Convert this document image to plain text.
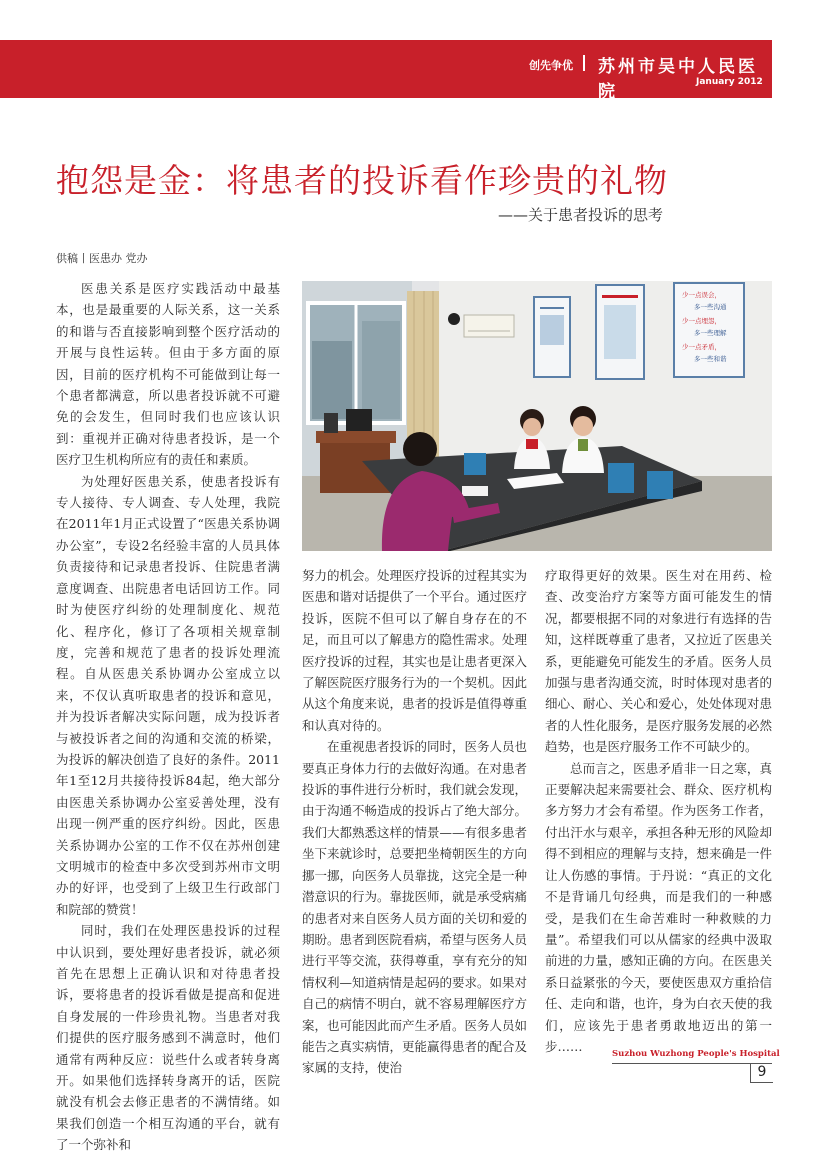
创先争优 苏州市吴中人民医院	January 2012
抱怨是金：将患者的投诉看作珍贵的礼物
——关于患者投诉的思考
供稿丨医患办 党办

医患关系是医疗实践活动中最基本，也是最重要的人际关系，这一关系的和谐与否直接影响到整个医疗活动的开展与良性运转。但由于多方面的原因，目前的医疗机构不可能做到让每一个患者都满意，所以患者投诉就不可避免的会发生，但同时我们也应该认识到：重视并正确对待患者投诉，是一个医疗卫生机构所应有的责任和素质。

为处理好医患关系，使患者投诉有专人接待、专人调查、专人处理，我院在2011年1月正式设置了“医患关系协调办公室”，专设2名经验丰富的人员具体负责接待和记录患者投诉、住院患者满意度调查、出院患者电话回访工作。同时为使医疗纠纷的处理制度化、规范化、程序化，修订了各项相关规章制度，完善和规范了患者的投诉处理流程。自从医患关系协调办公室成立以来，不仅认真听取患者的投诉和意见，并为投诉者解决实际问题，成为投诉者与被投诉者之间的沟通和交流的桥梁，为投诉的解决创造了良好的条件。2011年1至12月共接待投诉84起，绝大部分由医患关系协调办公室妥善处理，没有出现一例严重的医疗纠纷。因此，医患关系协调办公室的工作不仅在苏州创建文明城市的检查中多次受到苏州市文明办的好评，也受到了上级卫生行政部门和院部的赞赏！

同时，我们在处理医患投诉的过程中认识到，要处理好患者投诉，就必须首先在思想上正确认识和对待患者投诉，要将患者的投诉看做是提高和促进自身发展的一件珍贵礼物。当患者对我们提供的医疗服务感到不满意时，他们通常有两种反应：说些什么或者转身离开。如果他们选择转身离开的话，医院就没有机会去修正患者的不满情绪。如果我们创造一个相互沟通的平台，就有了一个弥补和

少一点误会，
多一些沟通
少一点埋怨，
多一些理解
少一点矛盾，
多一些和谐

努力的机会。处理医疗投诉的过程其实为医患和谐对话提供了一个平台。通过医疗投诉，医院不但可以了解自身存在的不足，而且可以了解患方的隐性需求。处理医疗投诉的过程，其实也是让患者更深入了解医院医疗服务行为的一个契机。因此从这个角度来说，患者的投诉是值得尊重和认真对待的。

在重视患者投诉的同时，医务人员也要真正身体力行的去做好沟通。在对患者投诉的事件进行分析时，我们就会发现，由于沟通不畅造成的投诉占了绝大部分。我们大都熟悉这样的情景——有很多患者坐下来就诊时，总要把坐椅朝医生的方向挪一挪，向医务人员靠拢，这完全是一种潜意识的行为。靠拢医师，就是承受病痛的患者对来自医务人员方面的关切和爱的期盼。患者到医院看病，希望与医务人员进行平等交流，获得尊重，享有充分的知情权利—知道病情是起码的要求。如果对自己的病情不明白，就不容易理解医疗方案，也可能因此而产生矛盾。医务人员如能告之真实病情，更能赢得患者的配合及家属的支持，使治

疗取得更好的效果。医生对在用药、检查、改变治疗方案等方面可能发生的情况，都要根据不同的对象进行有选择的告知，这样既尊重了患者，又拉近了医患关系，更能避免可能发生的矛盾。医务人员加强与患者沟通交流，时时体现对患者的细心、耐心、关心和爱心，处处体现对患者的人性化服务，是医疗服务发展的必然趋势，也是医疗服务工作不可缺少的。

总而言之，医患矛盾非一日之寒，真正要解决起来需要社会、群众、医疗机构多方努力才会有希望。作为医务工作者，付出汗水与艰辛，承担各种无形的风险却得不到相应的理解与支持，想来确是一件让人伤感的事情。于丹说：“真正的文化不是背诵几句经典，而是我们的一种感受，是我们在生命苦难时一种救赎的力量”。希望我们可以从儒家的经典中汲取前进的力量，感知正确的方向。在医患关系日益紧张的今天，要使医患双方重拾信任、走向和谐，也许，身为白衣天使的我们，应该先于患者勇敢地迈出的第一步……

Suzhou Wuzhong People's Hospital
9
